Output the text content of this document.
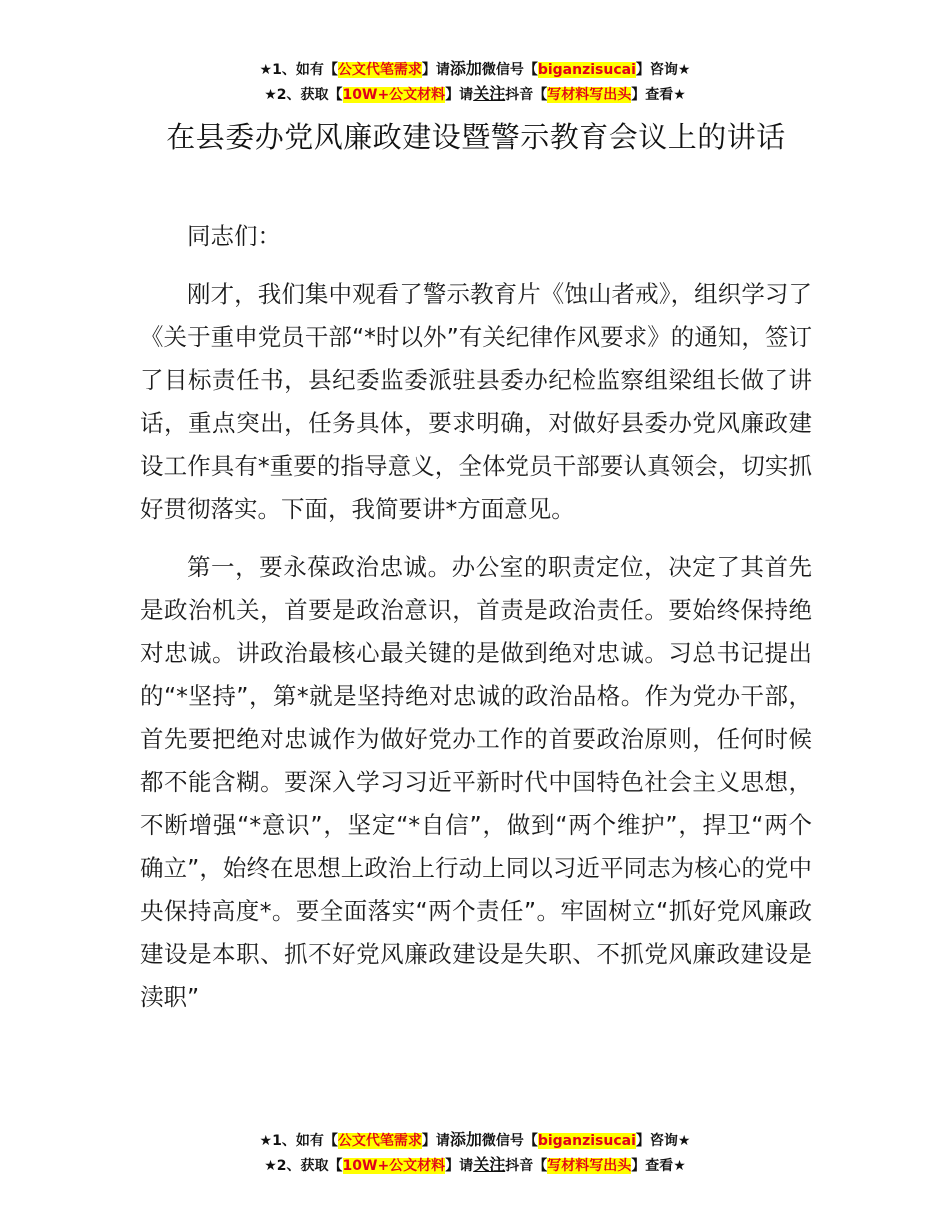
★1、如有【公文代笔需求】请添加微信号【biganzisucai】咨询★
★2、获取【10W+公文材料】请关注抖音【写材料写出头】查看★
在县委办党风廉政建设暨警示教育会议上的讲话

同志们：

刚才，我们集中观看了警示教育片《蚀山者戒》，组织学习了《关于重申党员干部“*时以外”有关纪律作风要求》的通知，签订了目标责任书，县纪委监委派驻县委办纪检监察组梁组长做了讲话，重点突出，任务具体，要求明确，对做好县委办党风廉政建设工作具有*重要的指导意义，全体党员干部要认真领会，切实抓好贯彻落实。下面，我简要讲*方面意见。

第一，要永葆政治忠诚。办公室的职责定位，决定了其首先是政治机关，首要是政治意识，首责是政治责任。要始终保持绝对忠诚。讲政治最核心最关键的是做到绝对忠诚。习总书记提出的“*坚持”，第*就是坚持绝对忠诚的政治品格。作为党办干部，首先要把绝对忠诚作为做好党办工作的首要政治原则，任何时候都不能含糊。要深入学习习近平新时代中国特色社会主义思想，不断增强“*意识”，坚定“*自信”，做到“两个维护”，捍卫“两个确立”，始终在思想上政治上行动上同以习近平同志为核心的党中央保持高度*。要全面落实“两个责任”。牢固树立“抓好党风廉政建设是本职、抓不好党风廉政建设是失职、不抓党风廉政建设是渎职”

★1、如有【公文代笔需求】请添加微信号【biganzisucai】咨询★
★2、获取【10W+公文材料】请关注抖音【写材料写出头】查看★
